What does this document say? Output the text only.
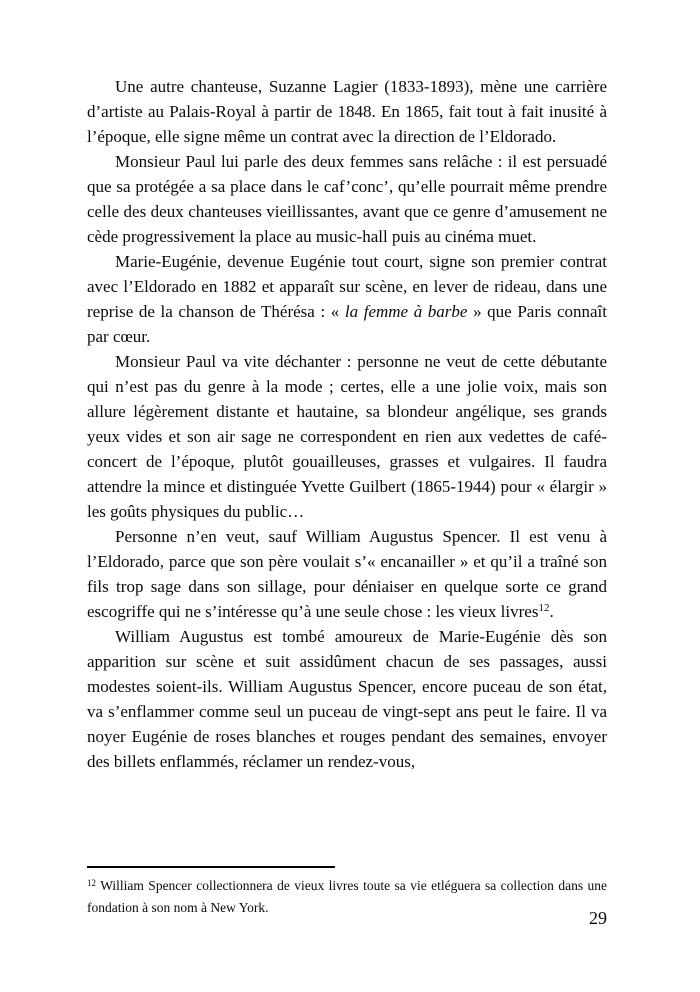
Une autre chanteuse, Suzanne Lagier (1833-1893), mène une carrière d’artiste au Palais-Royal à partir de 1848. En 1865, fait tout à fait inusité à l’époque, elle signe même un contrat avec la direction de l’Eldorado.

Monsieur Paul lui parle des deux femmes sans relâche : il est persuadé que sa protégée a sa place dans le caf’conc’, qu’elle pourrait même prendre celle des deux chanteuses vieillissantes, avant que ce genre d’amusement ne cède progressivement la place au music-hall puis au cinéma muet.

Marie-Eugénie, devenue Eugénie tout court, signe son premier contrat avec l’Eldorado en 1882 et apparaît sur scène, en lever de rideau, dans une reprise de la chanson de Thérésa : « la femme à barbe » que Paris connaît par cœur.

Monsieur Paul va vite déchanter : personne ne veut de cette débutante qui n’est pas du genre à la mode ; certes, elle a une jolie voix, mais son allure légèrement distante et hautaine, sa blondeur angélique, ses grands yeux vides et son air sage ne correspondent en rien aux vedettes de café-concert de l’époque, plutôt gouailleuses, grasses et vulgaires. Il faudra attendre la mince et distinguée Yvette Guilbert (1865-1944) pour « élargir » les goûts physiques du public…

Personne n’en veut, sauf William Augustus Spencer. Il est venu à l’Eldorado, parce que son père voulait s’« encanailler » et qu’il a traîné son fils trop sage dans son sillage, pour déniaiser en quelque sorte ce grand escogriffe qui ne s’intéresse qu’à une seule chose : les vieux livres$^{12}$.

William Augustus est tombé amoureux de Marie-Eugénie dès son apparition sur scène et suit assidûment chacun de ses passages, aussi modestes soient-ils. William Augustus Spencer, encore puceau de son état, va s’enflammer comme seul un puceau de vingt-sept ans peut le faire. Il va noyer Eugénie de roses blanches et rouges pendant des semaines, envoyer des billets enflammés, réclamer un rendez-vous,

$^{12}$ William Spencer collectionnera de vieux livres toute sa vie etléguera sa collection dans une fondation à son nom à New York.

29
